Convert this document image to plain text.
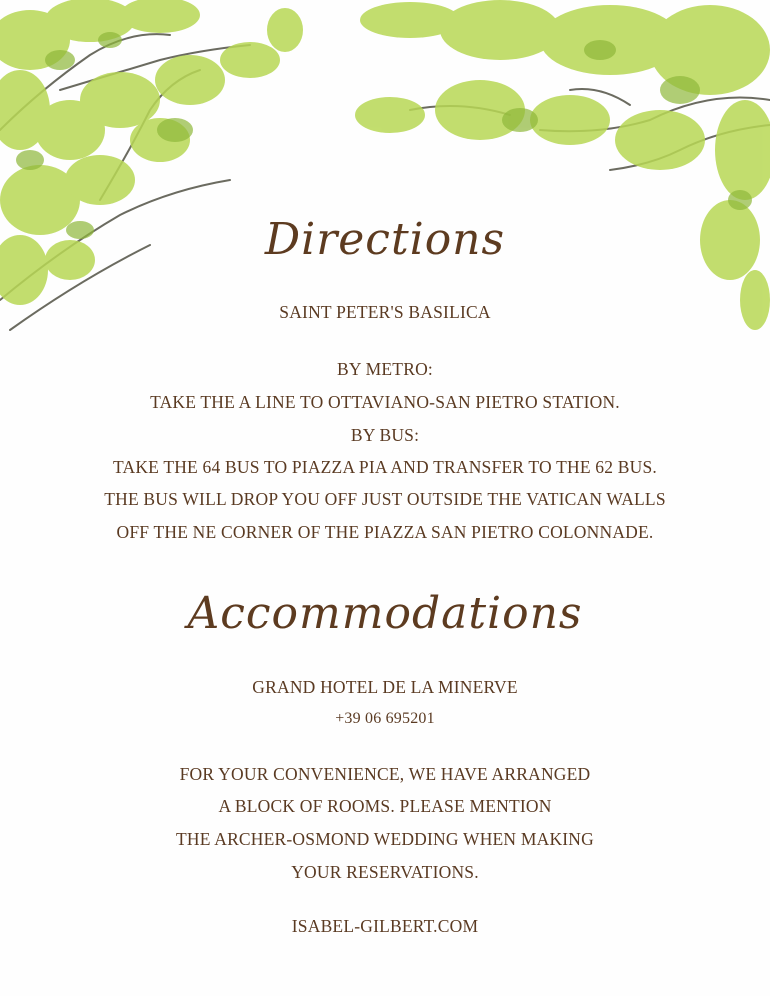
Directions
SAINT PETER'S BASILICA
BY METRO:
TAKE THE A LINE TO OTTAVIANO-SAN PIETRO STATION.
BY BUS:
TAKE THE 64 BUS TO PIAZZA PIA AND TRANSFER TO THE 62 BUS.
THE BUS WILL DROP YOU OFF JUST OUTSIDE THE VATICAN WALLS
OFF THE NE CORNER OF THE PIAZZA SAN PIETRO COLONNADE.
Accommodations
GRAND HOTEL DE LA MINERVE
+39 06 695201
FOR YOUR CONVENIENCE, WE HAVE ARRANGED
A BLOCK OF ROOMS. PLEASE MENTION
THE ARCHER-OSMOND WEDDING WHEN MAKING
YOUR RESERVATIONS.
ISABEL-GILBERT.COM
